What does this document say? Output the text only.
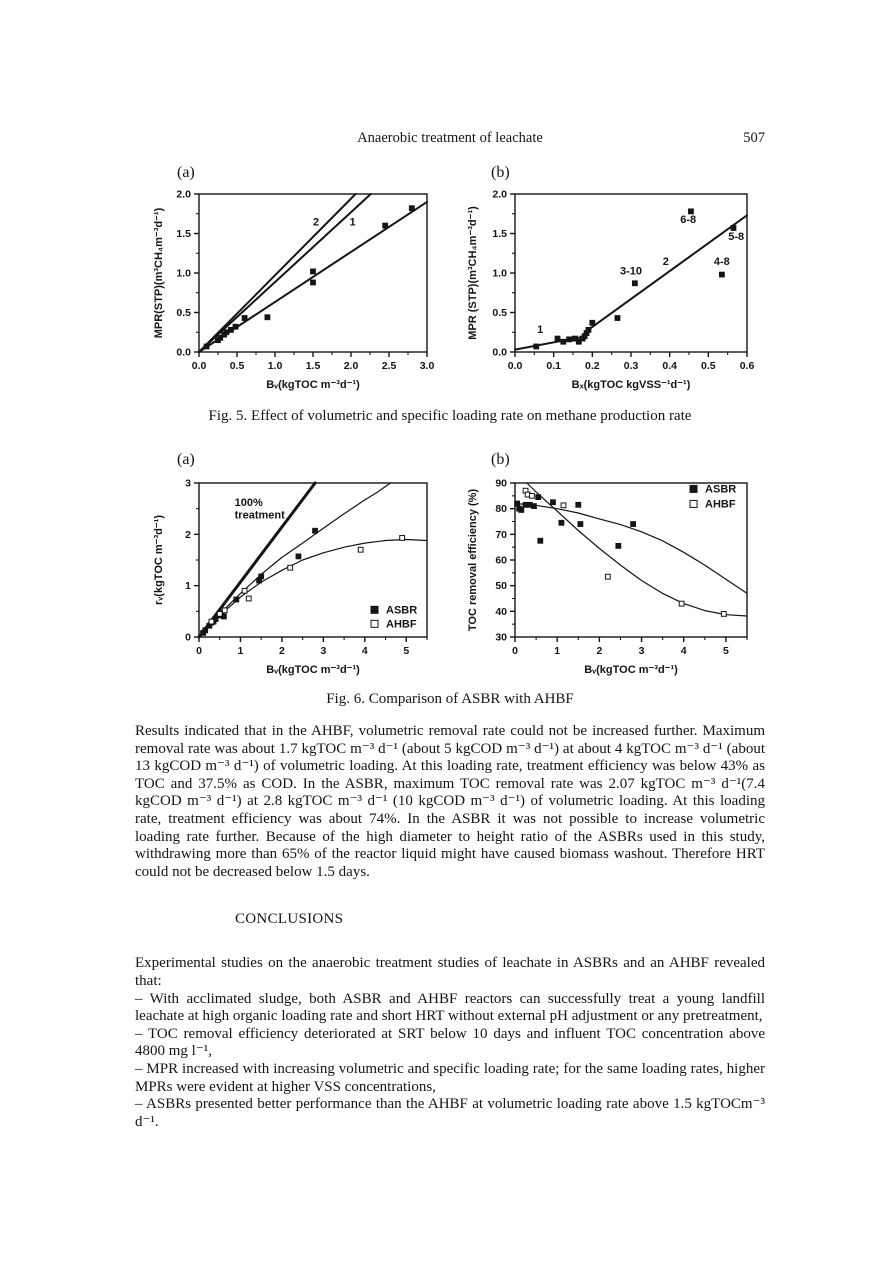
Anaerobic treatment of leachate	507

(a)

0.0 0.5 1.0 1.5 2.0 2.5 3.0
0.0
0.5
1.0
1.5
2.0
2	1
Bᵥ(kgTOC m⁻³d⁻¹)
MPR(STP)(m³CH₄m⁻³d⁻¹)

(b)

0.0 0.1 0.2 0.3 0.4 0.5 0.6
0.0
0.5
1.0
1.5
2.0
1
2
3-10
6-8
5-8
4-8
Bₓ(kgTOC kgVSS⁻¹d⁻¹)
MPR (STP)(m³CH₄m⁻³d⁻¹)

Fig. 5. Effect of volumetric and specific loading rate on methane production rate

(a)

0	1	2	3	4	5
0
1
2
3
100%
treatment
ASBR
AHBF
Bᵥ(kgTOC m⁻³d⁻¹)
rᵥ(kgTOC m⁻³d⁻¹)

(b)

0	1	2	3	4	5
30
40
50
60
70
80
90	ASBR
AHBF
Bᵥ(kgTOC m⁻³d⁻¹)
TOC removal efficiency (%)

Fig. 6. Comparison of ASBR with AHBF

Results indicated that in the AHBF, volumetric removal rate could not be increased further. Maximum removal rate was about 1.7 kgTOC m⁻³ d⁻¹ (about 5 kgCOD m⁻³ d⁻¹) at about 4 kgTOC m⁻³ d⁻¹ (about 13 kgCOD m⁻³ d⁻¹) of volumetric loading. At this loading rate, treatment efficiency was below 43% as TOC and 37.5% as COD. In the ASBR, maximum TOC removal rate was 2.07 kgTOC m⁻³ d⁻¹(7.4 kgCOD m⁻³ d⁻¹) at 2.8 kgTOC m⁻³ d⁻¹ (10 kgCOD m⁻³ d⁻¹) of volumetric loading. At this loading rate, treatment efficiency was about 74%. In the ASBR it was not possible to increase volumetric loading rate further. Because of the high diameter to height ratio of the ASBRs used in this study, withdrawing more than 65% of the reactor liquid might have caused biomass washout. Therefore HRT could not be decreased below 1.5 days.

CONCLUSIONS

Experimental studies on the anaerobic treatment studies of leachate in ASBRs and an AHBF revealed that:

– With acclimated sludge, both ASBR and AHBF reactors can successfully treat a young landfill leachate at high organic loading rate and short HRT without external pH adjustment or any pretreatment,

– TOC removal efficiency deteriorated at SRT below 10 days and influent TOC concentration above 4800 mg l⁻¹,

– MPR increased with increasing volumetric and specific loading rate; for the same loading rates, higher MPRs were evident at higher VSS concentrations,

– ASBRs presented better performance than the AHBF at volumetric loading rate above 1.5 kgTOCm⁻³ d⁻¹.
